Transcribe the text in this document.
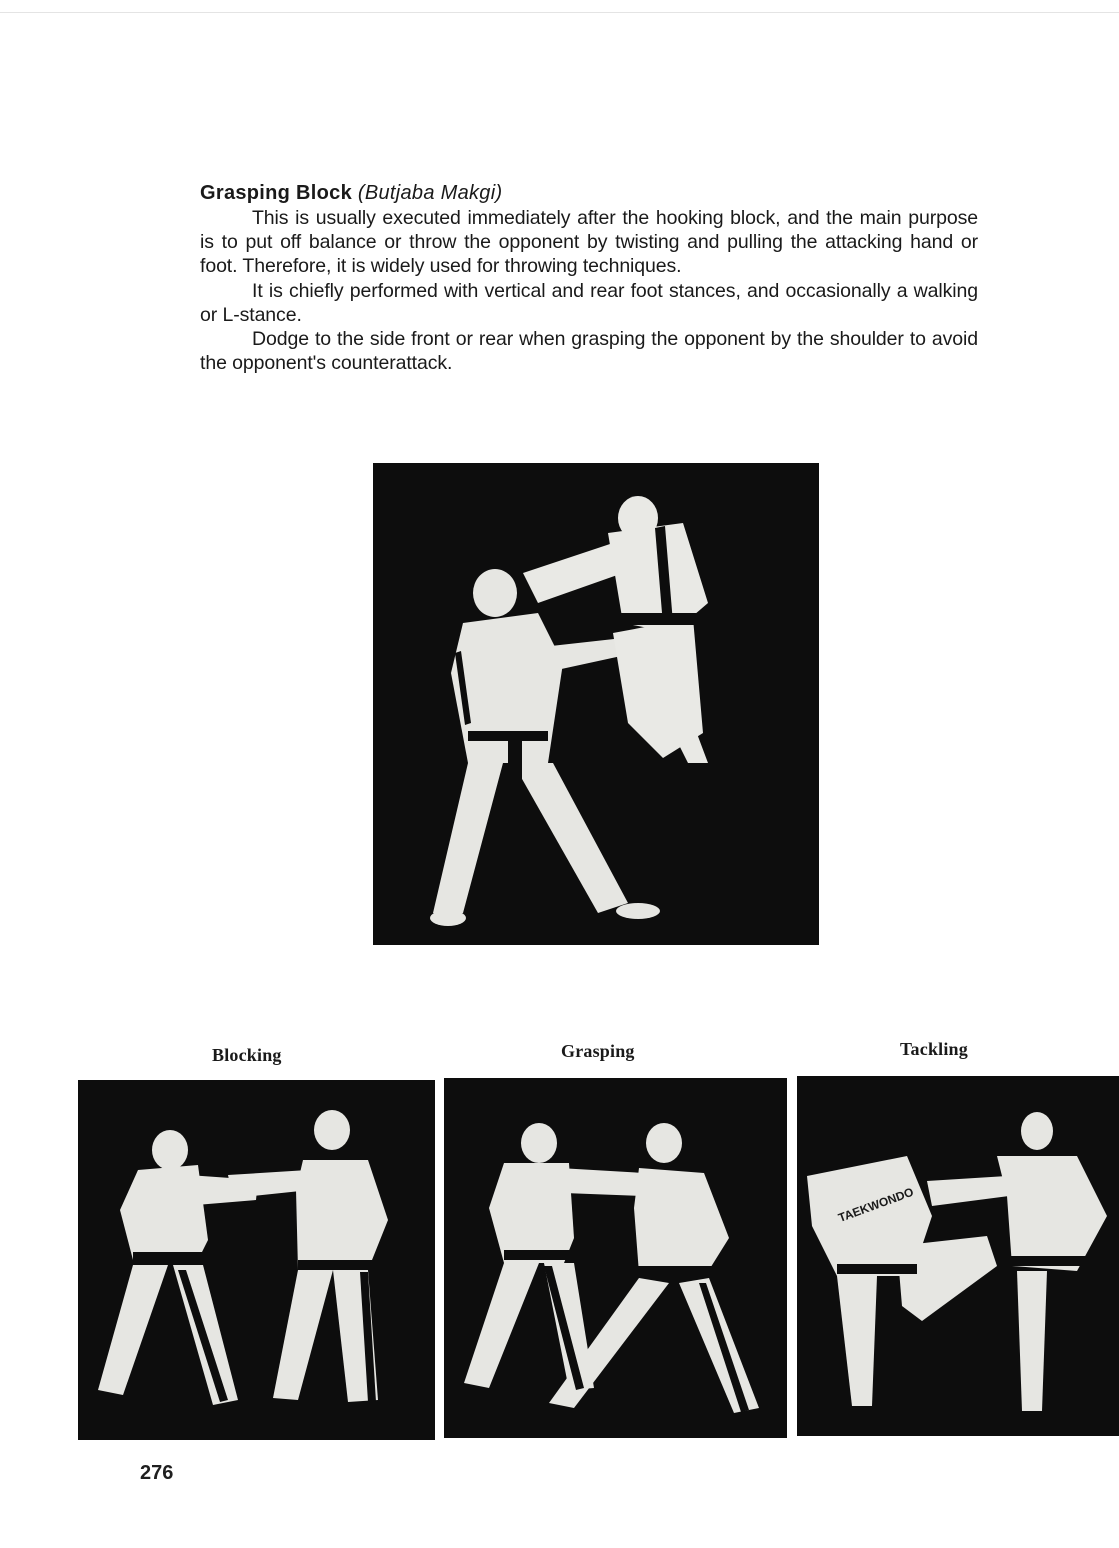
Grasping Block (Butjaba Makgi)

This is usually executed immediately after the hooking block, and the main purpose is to put off balance or throw the opponent by twisting and pulling the attacking hand or foot. Therefore, it is widely used for throwing techniques.

It is chiefly performed with vertical and rear foot stances, and occasionally a walking or L-stance.

Dodge to the side front or rear when grasping the opponent by the shoulder to avoid the opponent's counterattack.

Blocking	Grasping	Tackling
TAEKWONDO
276
